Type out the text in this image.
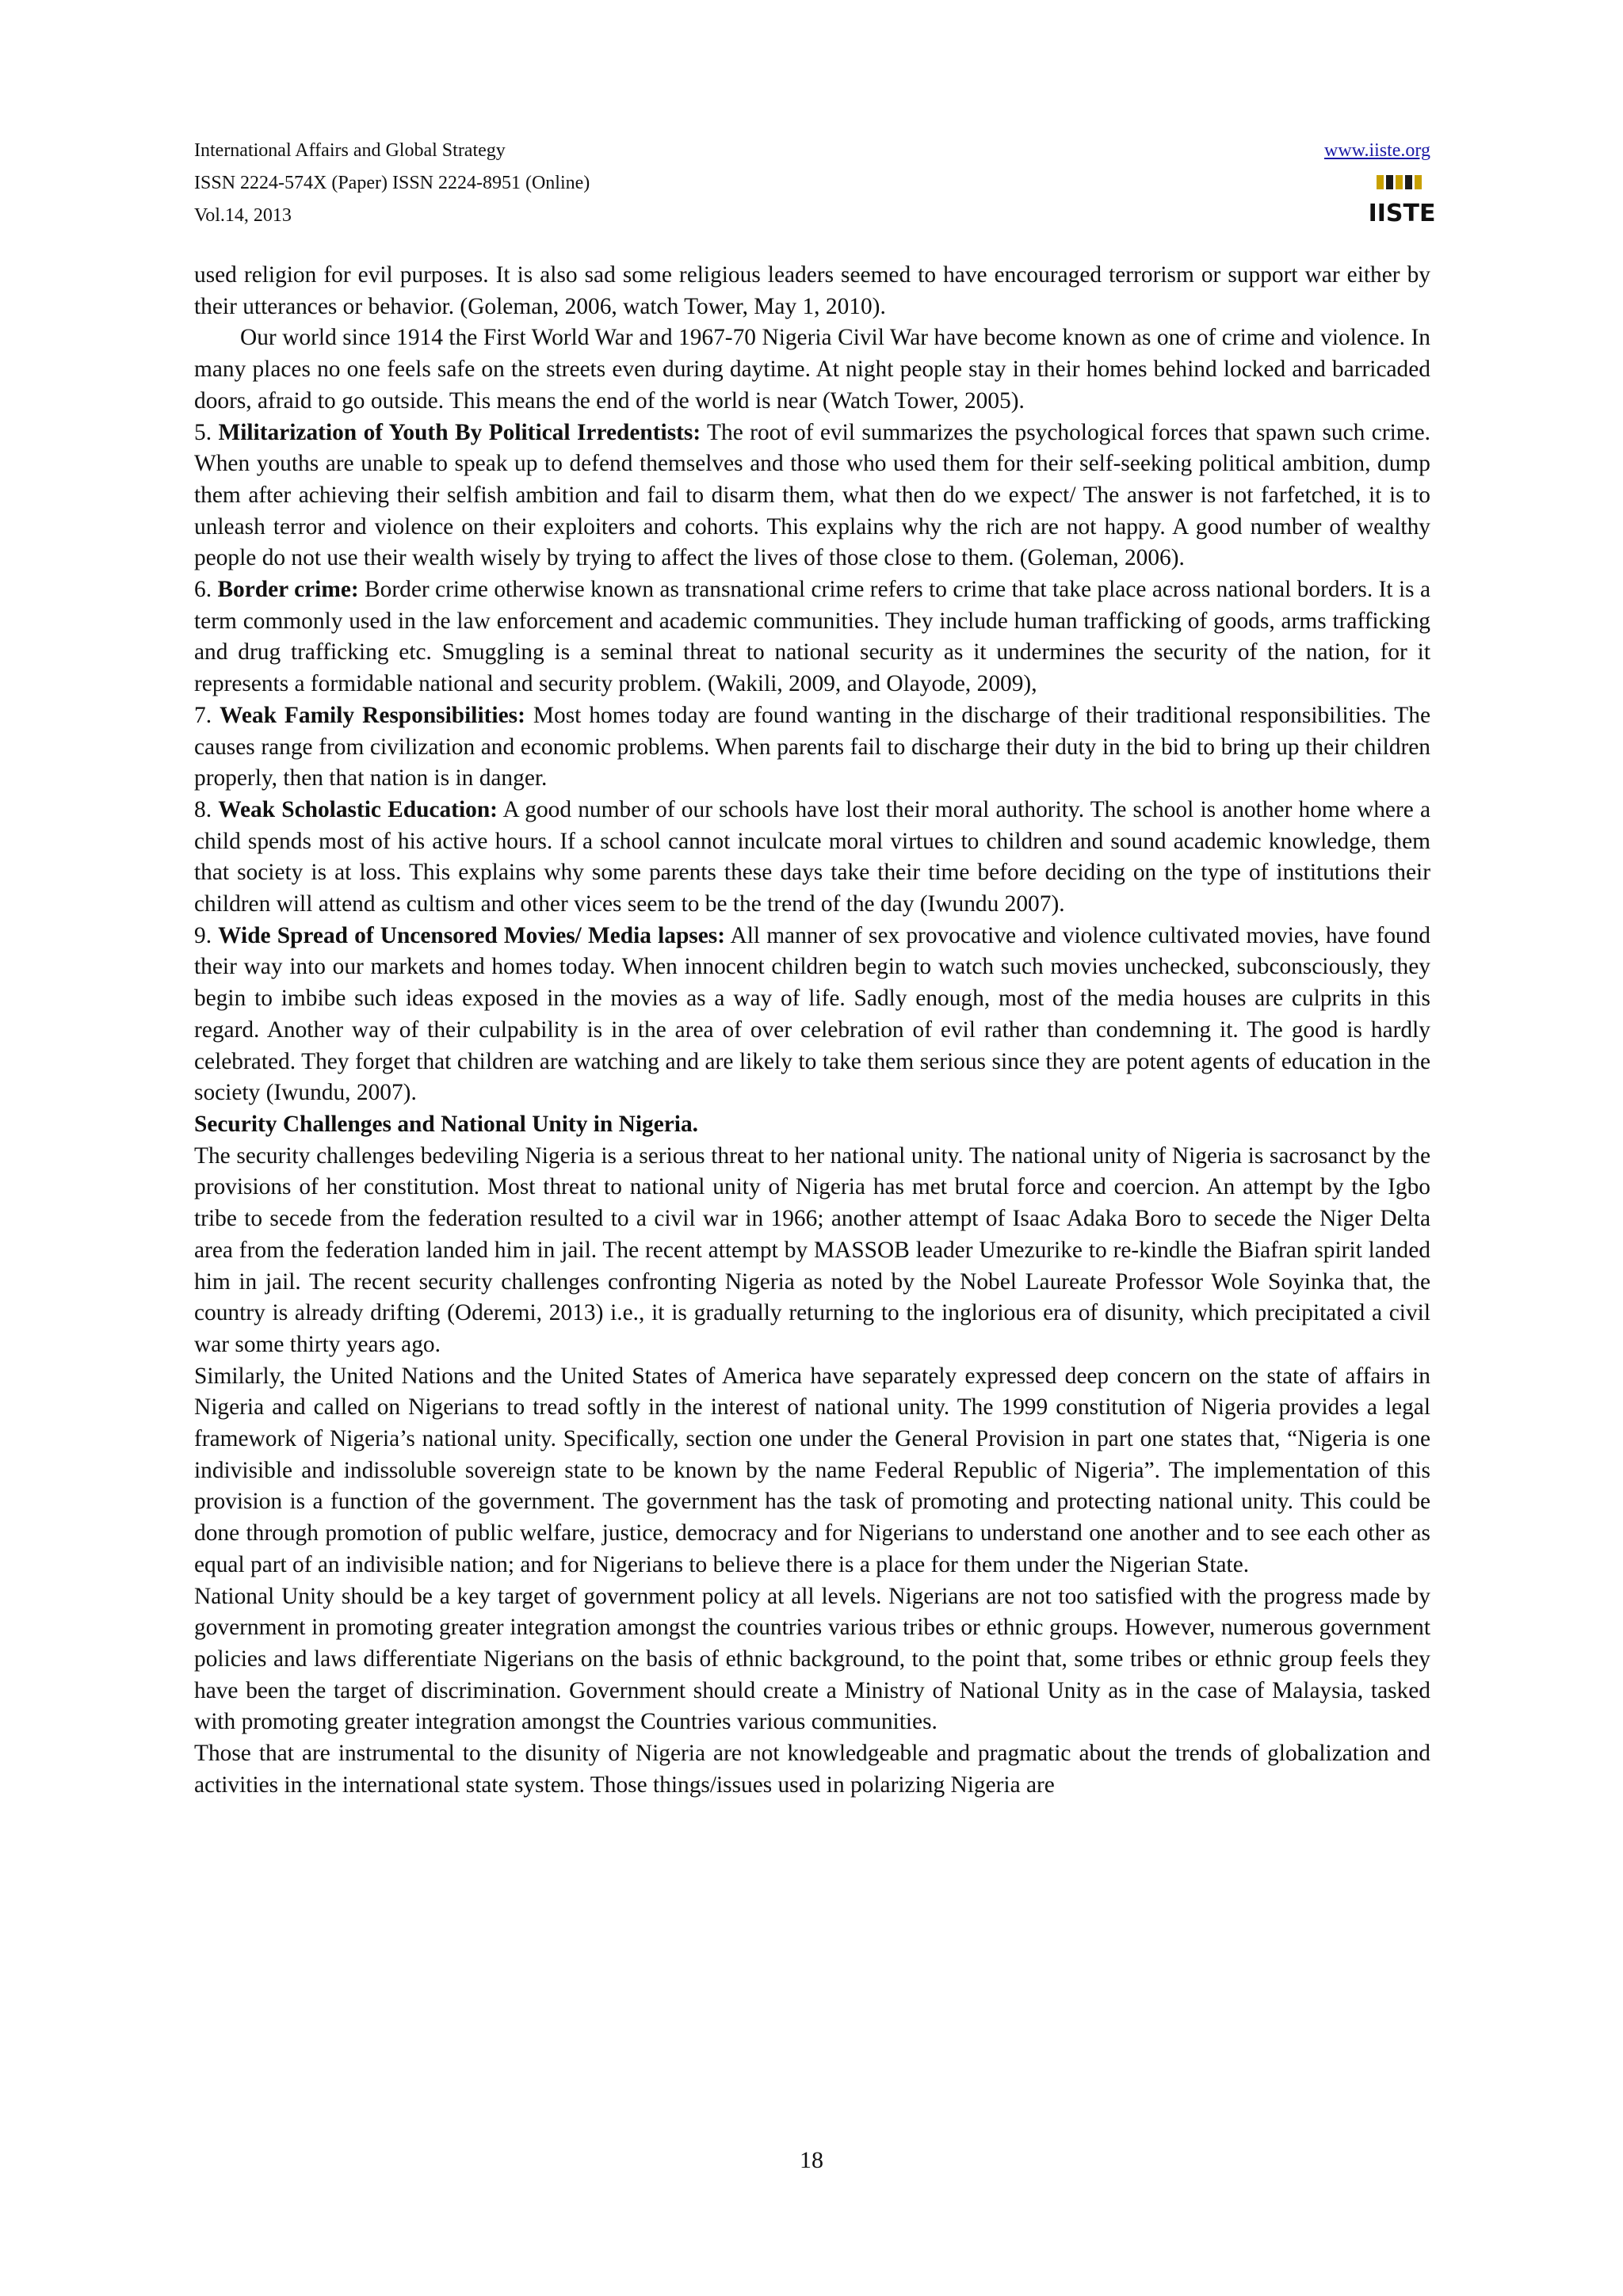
International Affairs and Global Strategy
ISSN 2224-574X (Paper) ISSN 2224-8951 (Online)
Vol.14, 2013
www.iiste.org
IISTE

used religion for evil purposes. It is also sad some religious leaders seemed to have encouraged terrorism or support war either by their utterances or behavior. (Goleman, 2006, watch Tower, May 1, 2010).

Our world since 1914 the First World War and 1967-70 Nigeria Civil War have become known as one of crime and violence. In many places no one feels safe on the streets even during daytime. At night people stay in their homes behind locked and barricaded doors, afraid to go outside. This means the end of the world is near (Watch Tower, 2005).

5. Militarization of Youth By Political Irredentists: The root of evil summarizes the psychological forces that spawn such crime. When youths are unable to speak up to defend themselves and those who used them for their self-seeking political ambition, dump them after achieving their selfish ambition and fail to disarm them, what then do we expect/ The answer is not farfetched, it is to unleash terror and violence on their exploiters and cohorts. This explains why the rich are not happy. A good number of wealthy people do not use their wealth wisely by trying to affect the lives of those close to them. (Goleman, 2006).

6. Border crime: Border crime otherwise known as transnational crime refers to crime that take place across national borders. It is a term commonly used in the law enforcement and academic communities. They include human trafficking of goods, arms trafficking and drug trafficking etc. Smuggling is a seminal threat to national security as it undermines the security of the nation, for it represents a formidable national and security problem. (Wakili, 2009, and Olayode, 2009),

7. Weak Family Responsibilities: Most homes today are found wanting in the discharge of their traditional responsibilities. The causes range from civilization and economic problems. When parents fail to discharge their duty in the bid to bring up their children properly, then that nation is in danger.

8. Weak Scholastic Education: A good number of our schools have lost their moral authority. The school is another home where a child spends most of his active hours. If a school cannot inculcate moral virtues to children and sound academic knowledge, them that society is at loss. This explains why some parents these days take their time before deciding on the type of institutions their children will attend as cultism and other vices seem to be the trend of the day (Iwundu 2007).

9. Wide Spread of Uncensored Movies/ Media lapses: All manner of sex provocative and violence cultivated movies, have found their way into our markets and homes today. When innocent children begin to watch such movies unchecked, subconsciously, they begin to imbibe such ideas exposed in the movies as a way of life. Sadly enough, most of the media houses are culprits in this regard. Another way of their culpability is in the area of over celebration of evil rather than condemning it. The good is hardly celebrated. They forget that children are watching and are likely to take them serious since they are potent agents of education in the society (Iwundu, 2007).

Security Challenges and National Unity in Nigeria.

The security challenges bedeviling Nigeria is a serious threat to her national unity. The national unity of Nigeria is sacrosanct by the provisions of her constitution. Most threat to national unity of Nigeria has met brutal force and coercion. An attempt by the Igbo tribe to secede from the federation resulted to a civil war in 1966; another attempt of Isaac Adaka Boro to secede the Niger Delta area from the federation landed him in jail. The recent attempt by MASSOB leader Umezurike to re-kindle the Biafran spirit landed him in jail. The recent security challenges confronting Nigeria as noted by the Nobel Laureate Professor Wole Soyinka that, the country is already drifting (Oderemi, 2013) i.e., it is gradually returning to the inglorious era of disunity, which precipitated a civil war some thirty years ago.

Similarly, the United Nations and the United States of America have separately expressed deep concern on the state of affairs in Nigeria and called on Nigerians to tread softly in the interest of national unity. The 1999 constitution of Nigeria provides a legal framework of Nigeria’s national unity. Specifically, section one under the General Provision in part one states that, “Nigeria is one indivisible and indissoluble sovereign state to be known by the name Federal Republic of Nigeria”. The implementation of this provision is a function of the government. The government has the task of promoting and protecting national unity. This could be done through promotion of public welfare, justice, democracy and for Nigerians to understand one another and to see each other as equal part of an indivisible nation; and for Nigerians to believe there is a place for them under the Nigerian State.

National Unity should be a key target of government policy at all levels. Nigerians are not too satisfied with the progress made by government in promoting greater integration amongst the countries various tribes or ethnic groups. However, numerous government policies and laws differentiate Nigerians on the basis of ethnic background, to the point that, some tribes or ethnic group feels they have been the target of discrimination. Government should create a Ministry of National Unity as in the case of Malaysia, tasked with promoting greater integration amongst the Countries various communities.

Those that are instrumental to the disunity of Nigeria are not knowledgeable and pragmatic about the trends of globalization and activities in the international state system. Those things/issues used in polarizing Nigeria are

18
